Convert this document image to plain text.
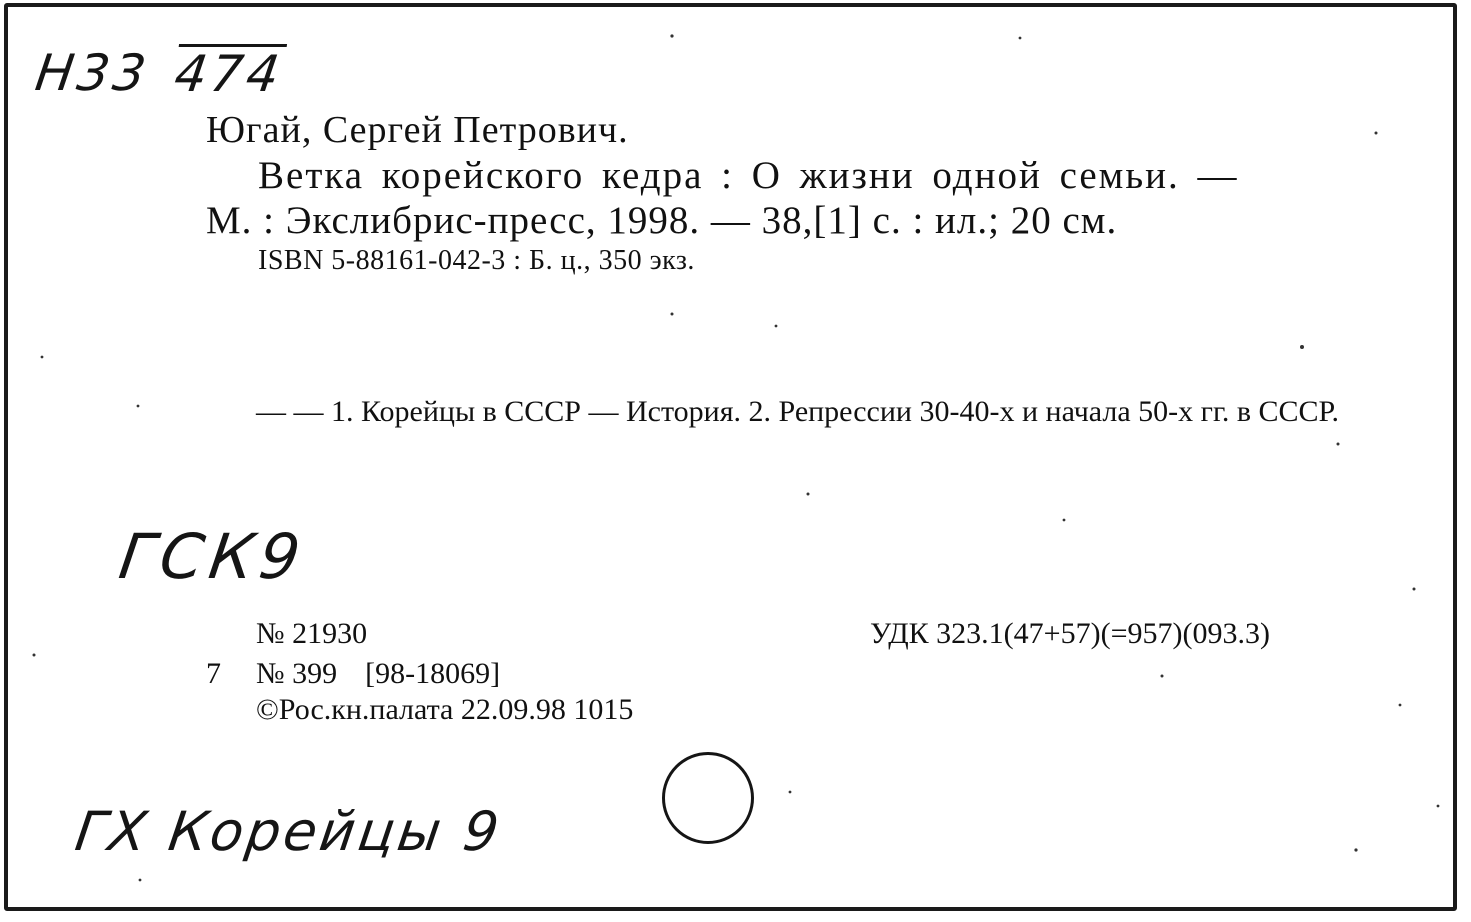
Н33 474
Югай, Сергей Петрович.
Ветка корейского кедра : О жизни одной семьи. —
М. : Экслибрис-пресс, 1998. — 38,[1] с. : ил.; 20 см.
ISBN 5-88161-042-3 : Б. ц., 350 экз.
— — 1. Корейцы в СССР — История. 2. Репрессии 30-40-х и начала 50-х гг. в СССР.
ГСК9
№ 21930
7 № 399 [98-18069]
©Рос.кн.палата 22.09.98 1015
УДК 323.1(47+57)(=957)(093.3)
ГХ Корейцы 9
